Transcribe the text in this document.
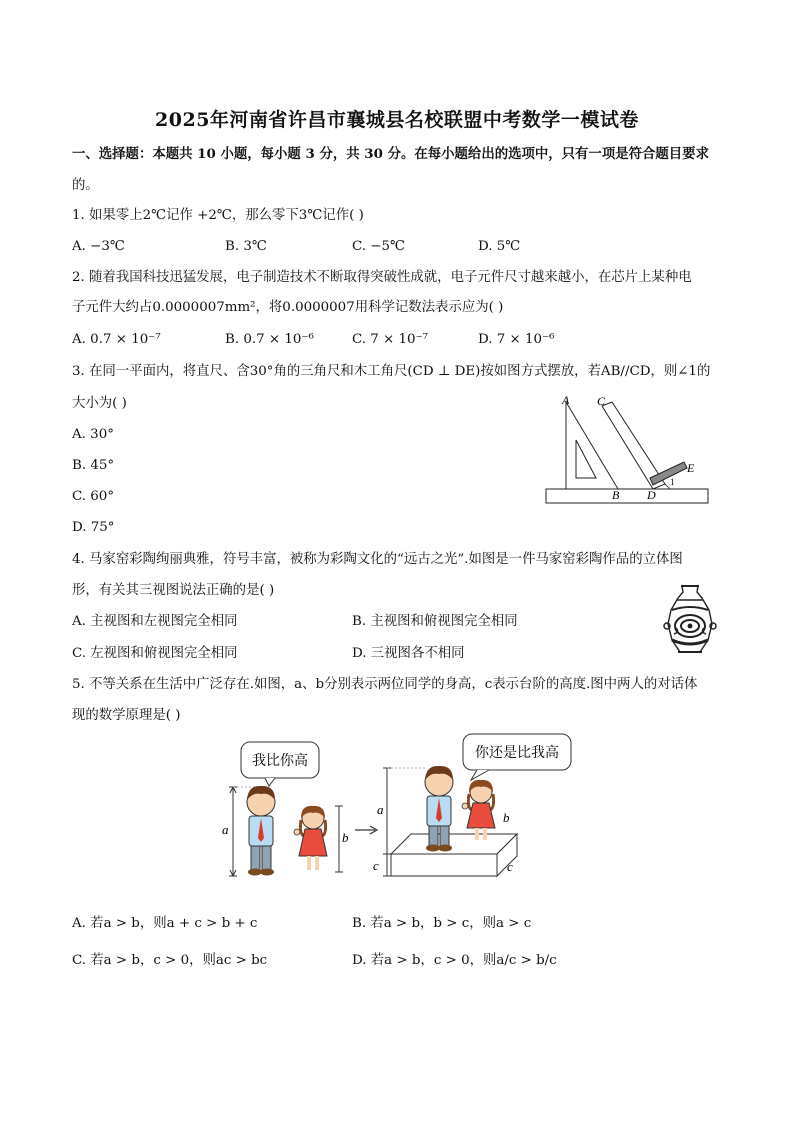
2025年河南省许昌市襄城县名校联盟中考数学一模试卷
一、选择题：本题共 10 小题，每小题 3 分，共 30 分。在每小题给出的选项中，只有一项是符合题目要求
的。
1. 如果零上2℃记作 +2℃，那么零下3℃记作( )
A. −3℃	B. 3℃	C. −5℃	D. 5℃
2. 随着我国科技迅猛发展，电子制造技术不断取得突破性成就，电子元件尺寸越来越小，在芯片上某种电
子元件大约占0.0000007mm²，将0.0000007用科学记数法表示应为( )
A. 0.7 × 10⁻⁷	B. 0.7 × 10⁻⁶	C. 7 × 10⁻⁷	D. 7 × 10⁻⁶
3. 在同一平面内，将直尺、含30°角的三角尺和木工角尺(CD ⊥ DE)按如图方式摆放，若AB//CD，则∠1的
大小为( )
A. 30°
B. 45°
C. 60°
D. 75°
A C
E
B D
1
4. 马家窑彩陶绚丽典雅，符号丰富，被称为彩陶文化的“远古之光”.如图是一件马家窑彩陶作品的立体图
形，有关其三视图说法正确的是( )
A. 主视图和左视图完全相同	B. 主视图和俯视图完全相同
C. 左视图和俯视图完全相同	D. 三视图各不相同
5. 不等关系在生活中广泛存在.如图，a、b分别表示两位同学的身高，c表示台阶的高度.图中两人的对话体
现的数学原理是( )
我比你高
你还是比我高
a
b
a
c	c
b
A. 若a > b，则a + c > b + c	B. 若a > b，b > c，则a > c
C. 若a > b，c > 0，则ac > bc	D. 若a > b，c > 0，则a/c > b/c
